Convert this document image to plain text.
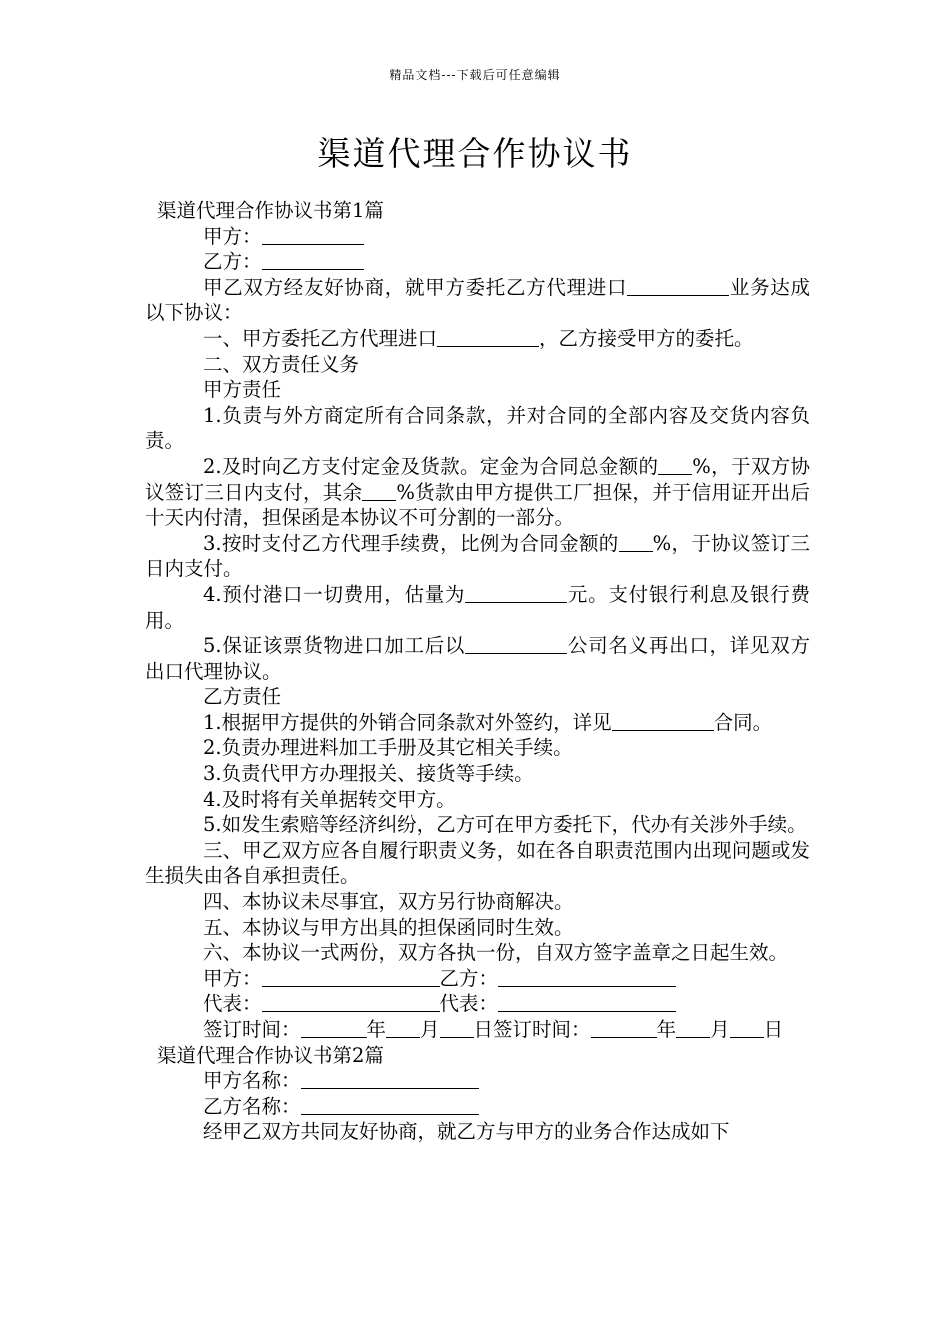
精品文档---下载后可任意编辑
渠道代理合作协议书

渠道代理合作协议书第1篇

甲方：

乙方：

甲乙双方经友好协商，就甲方委托乙方代理进口	业务达成以下协议：

一、甲方委托乙方代理进口	，乙方接受甲方的委托。

二、双方责任义务

甲方责任

1.负责与外方商定所有合同条款，并对合同的全部内容及交货内容负责。

2.及时向乙方支付定金及货款。定金为合同总金额的 %，于双方协议签订三日内支付，其余 %货款由甲方提供工厂担保，并于信用证开出后十天内付清，担保函是本协议不可分割的一部分。

3.按时支付乙方代理手续费，比例为合同金额的 %，于协议签订三日内支付。

4.预付港口一切费用，估量为	元。支付银行利息及银行费用。

5.保证该票货物进口加工后以	公司名义再出口，详见双方出口代理协议。

乙方责任

1.根据甲方提供的外销合同条款对外签约，详见	合同。

2.负责办理进料加工手册及其它相关手续。

3.负责代甲方办理报关、接货等手续。

4.及时将有关单据转交甲方。

5.如发生索赔等经济纠纷，乙方可在甲方委托下，代办有关涉外手续。

三、甲乙双方应各自履行职责义务，如在各自职责范围内出现问题或发生损失由各自承担责任。

四、本协议未尽事宜，双方另行协商解决。

五、本协议与甲方出具的担保函同时生效。

六、本协议一式两份，双方各执一份，自双方签字盖章之日起生效。

甲方：	乙方：

代表：	代表：

签订时间：	年 月 日签订时间：	年 月 日

渠道代理合作协议书第2篇

甲方名称：

乙方名称：

经甲乙双方共同友好协商，就乙方与甲方的业务合作达成如下
